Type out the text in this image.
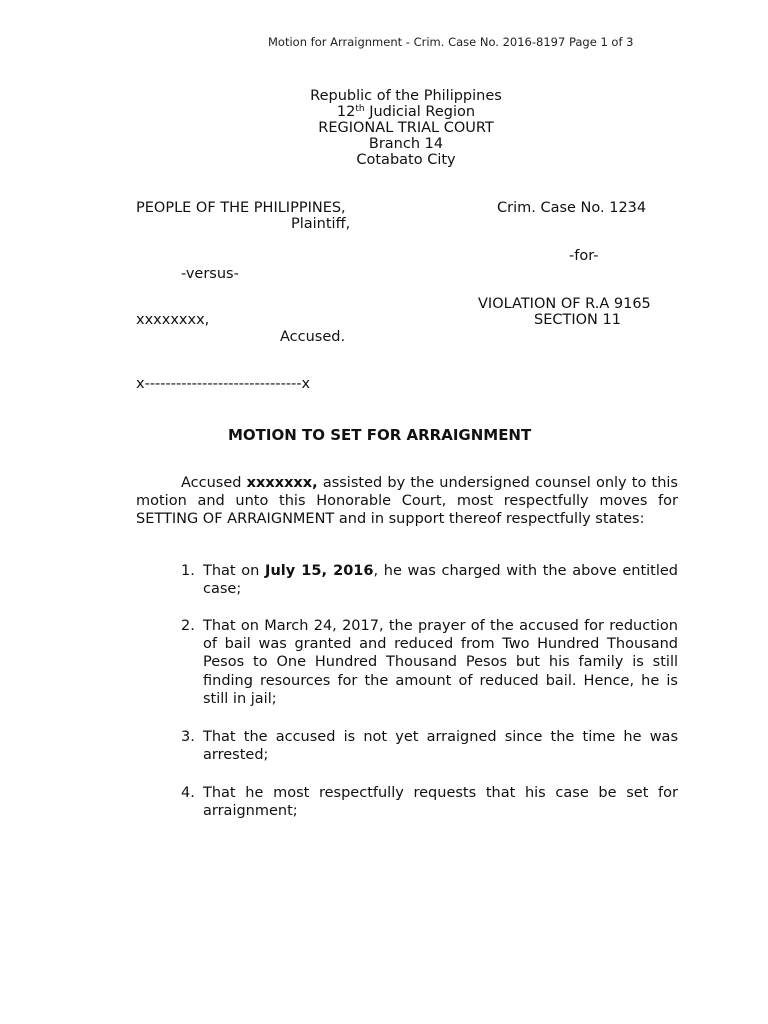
Motion for Arraignment - Crim. Case No. 2016-8197 Page 1 of 3
Republic of the Philippines
12th Judicial Region
REGIONAL TRIAL COURT
Branch 14
Cotabato City
PEOPLE OF THE PHILIPPINES,
Plaintiff,
Crim. Case No. 1234
-for-
-versus-
VIOLATION OF R.A 9165
SECTION 11
xxxxxxxx,
Accused.
x------------------------------x
MOTION TO SET FOR ARRAIGNMENT
Accused xxxxxxx, assisted by the undersigned counsel only to this motion and unto this Honorable Court, most respectfully moves for SETTING OF ARRAIGNMENT and in support thereof respectfully states:
1. That on July 15, 2016, he was charged with the above entitled case;
2. That on March 24, 2017, the prayer of the accused for reduction of bail was granted and reduced from Two Hundred Thousand Pesos to One Hundred Thousand Pesos but his family is still finding resources for the amount of reduced bail. Hence, he is still in jail;
3. That the accused is not yet arraigned since the time he was arrested;
4. That he most respectfully requests that his case be set for arraignment;
